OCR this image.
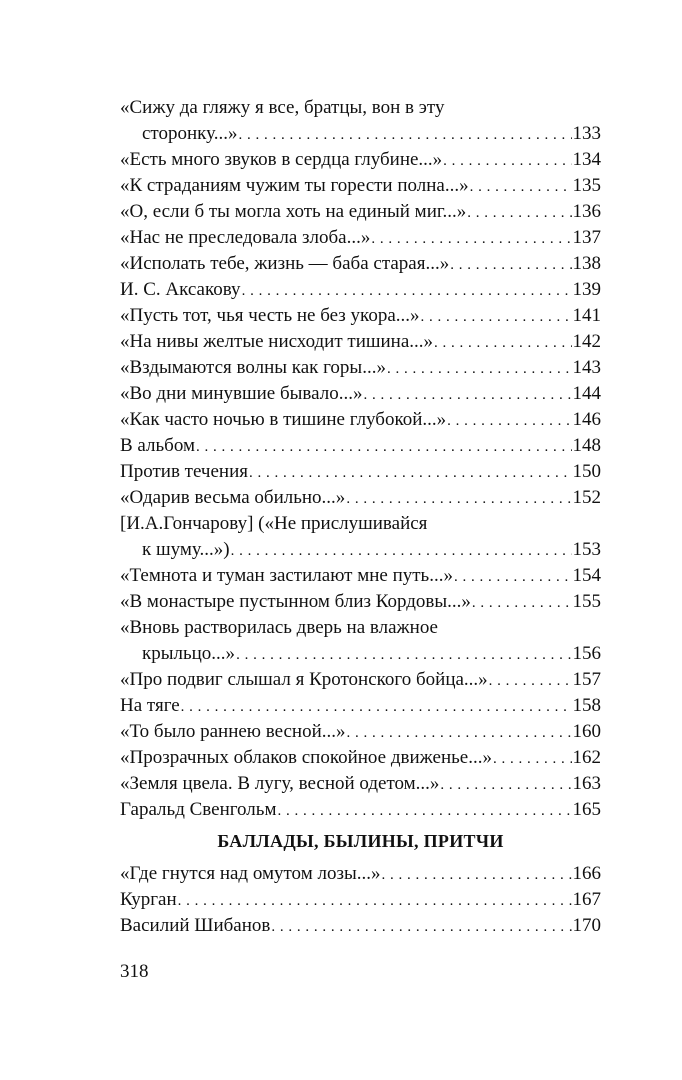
«Сижу да гляжу я все, братцы, вон в эту
сторонку...» . . .	133
«Есть много звуков в сердца глубине...» . . .	134
«К страданиям чужим ты горести полна...» . . .	135
«О, если б ты могла хоть на единый миг...» . . .	136
«Нас не преследовала злоба...» . . .	137
«Исполать тебе, жизнь — баба старая...» . . .	138
И. С. Аксакову . . .	139
«Пусть тот, чья честь не без укора...» . . .	141
«На нивы желтые нисходит тишина...» . . .	142
«Вздымаются волны как горы...» . . .	143
«Во дни минувшие бывало...» . . .	144
«Как часто ночью в тишине глубокой...» . . .	146
В альбом . . .	148
Против течения . . .	150
«Одарив весьма обильно...» . . .	152
[И.А.Гончарову] («Не прислушивайся
к шуму...») . . .	153
«Темнота и туман застилают мне путь...» . . .	154
«В монастыре пустынном близ Кордовы...» . . .	155
«Вновь растворилась дверь на влажное
крыльцо...» . . .	156
«Про подвиг слышал я Кротонского бойца...» . . .	157
На тяге . . .	158
«То было раннею весной...» . . .	160
«Прозрачных облаков спокойное движенье...» . . .	162
«Земля цвела. В лугу, весной одетом...» . . .	163
Гаральд Свенгольм . . .	165
БАЛЛАДЫ, БЫЛИНЫ, ПРИТЧИ
«Где гнутся над омутом лозы...» . . .	166
Курган . . .	167
Василий Шибанов . . .	170
318
